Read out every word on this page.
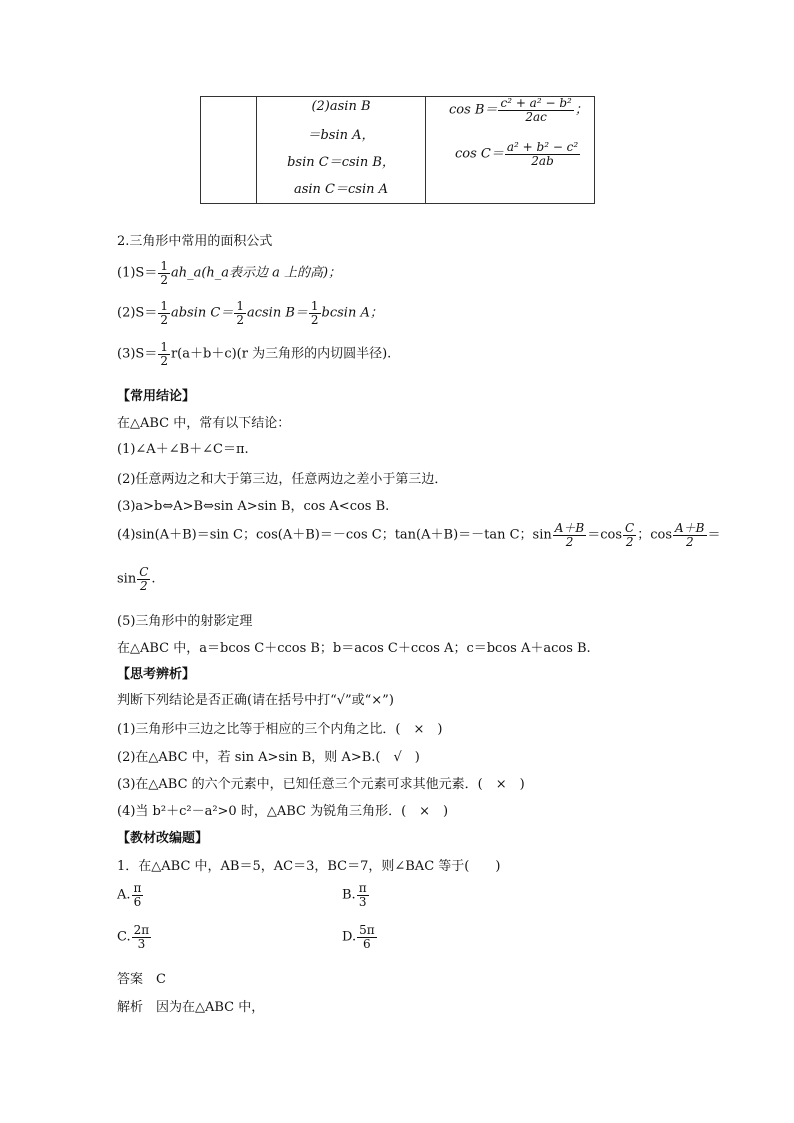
(2)asin B
＝bsin A，
bsin C＝csin B，
asin C＝csin A
$\cos B= \frac{\text{c² + a² − b²}}{2ac}$ ；
$\cos C= \frac{\text{a² + b² − c²}}{2ab}$
2.三角形中常用的面积公式
$(1)S= \frac{1}{2}$ ah_a(h_a表示边 a 上的高)；
$(2)S= \frac{1}{2}$ absin $C= \frac{1}{2}$ acsin $B= \frac{1}{2}$ bcsin A；
$(3)S= \frac{1}{2} r(a+b+c)(r$ 为三角形的内切圆半径).
【常用结论】
在△ABC 中，常有以下结论：
(1)∠A＋∠B＋∠C＝π.
(2)任意两边之和大于第三边，任意两边之差小于第三边．
(3)a>b⇔A>B⇔sin A>sin B，cos A<cos B.
(4)sin(A＋B)＝sin C；cos(A＋B)＝－cos C；tan(A＋B)＝－tan C；$\sin \frac{A+B}{2} =\cos \frac{C}{2}$ ；$\cos \frac{A+B}{2}$ ＝
$\sin \frac{C}{2}$ .
(5)三角形中的射影定理
在△ABC 中，a＝bcos C＋ccos B；b＝acos C＋ccos A；c＝bcos A＋acos B.
【思考辨析】
判断下列结论是否正确(请在括号中打“√”或“×”)
(1)三角形中三边之比等于相应的三个内角之比．(　×　)
(2)在△ABC 中，若 sin A>sin B，则 A>B.(　√　)
(3)在△ABC 的六个元素中，已知任意三个元素可求其他元素．(　×　)
(4)当 b²＋c²－a²>0 时，△ABC 为锐角三角形．(　×　)
【教材改编题】
1．在△ABC 中，AB＝5，AC＝3，BC＝7，则∠BAC 等于(　　)
A. $\frac{\pi}{6}$	B. $\frac{\pi}{3}$
C. $\frac{2\pi}{3}$	D. $\frac{5\pi}{6}$
答案　C
解析　因为在△ABC 中，
